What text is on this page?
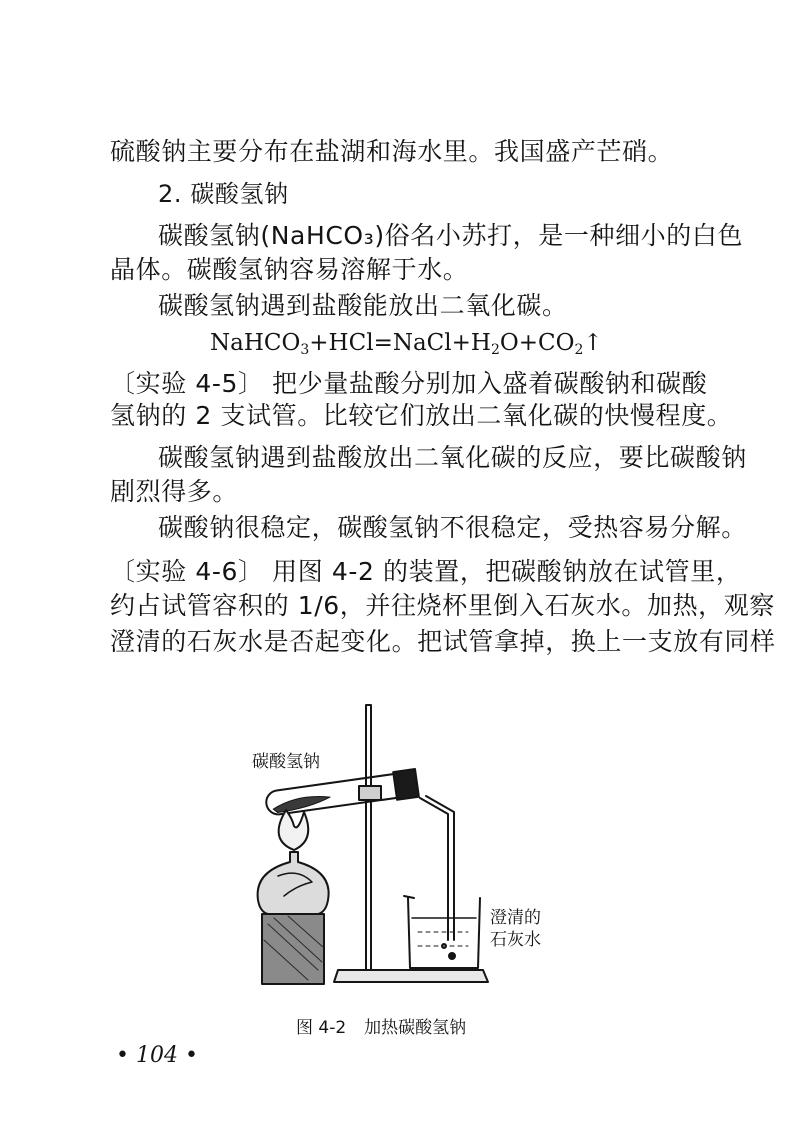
硫酸钠主要分布在盐湖和海水里。我国盛产芒硝。
2. 碳酸氢钠
碳酸氢钠(NaHCO₃)俗名小苏打，是一种细小的白色
晶体。碳酸氢钠容易溶解于水。
碳酸氢钠遇到盐酸能放出二氧化碳。
$NaHCO_3+HCl=NaCl+H_2O+CO_2↑$
〔实验 4-5〕 把少量盐酸分别加入盛着碳酸钠和碳酸
氢钠的 2 支试管。比较它们放出二氧化碳的快慢程度。
碳酸氢钠遇到盐酸放出二氧化碳的反应，要比碳酸钠
剧烈得多。
碳酸钠很稳定，碳酸氢钠不很稳定，受热容易分解。
〔实验 4-6〕 用图 4-2 的装置，把碳酸钠放在试管里，
约占试管容积的 1/6，并往烧杯里倒入石灰水。加热，观察
澄清的石灰水是否起变化。把试管拿掉，换上一支放有同样
碳酸氢钠
澄清的
石灰水
图 4-2 加热碳酸氢钠
• 104 •
